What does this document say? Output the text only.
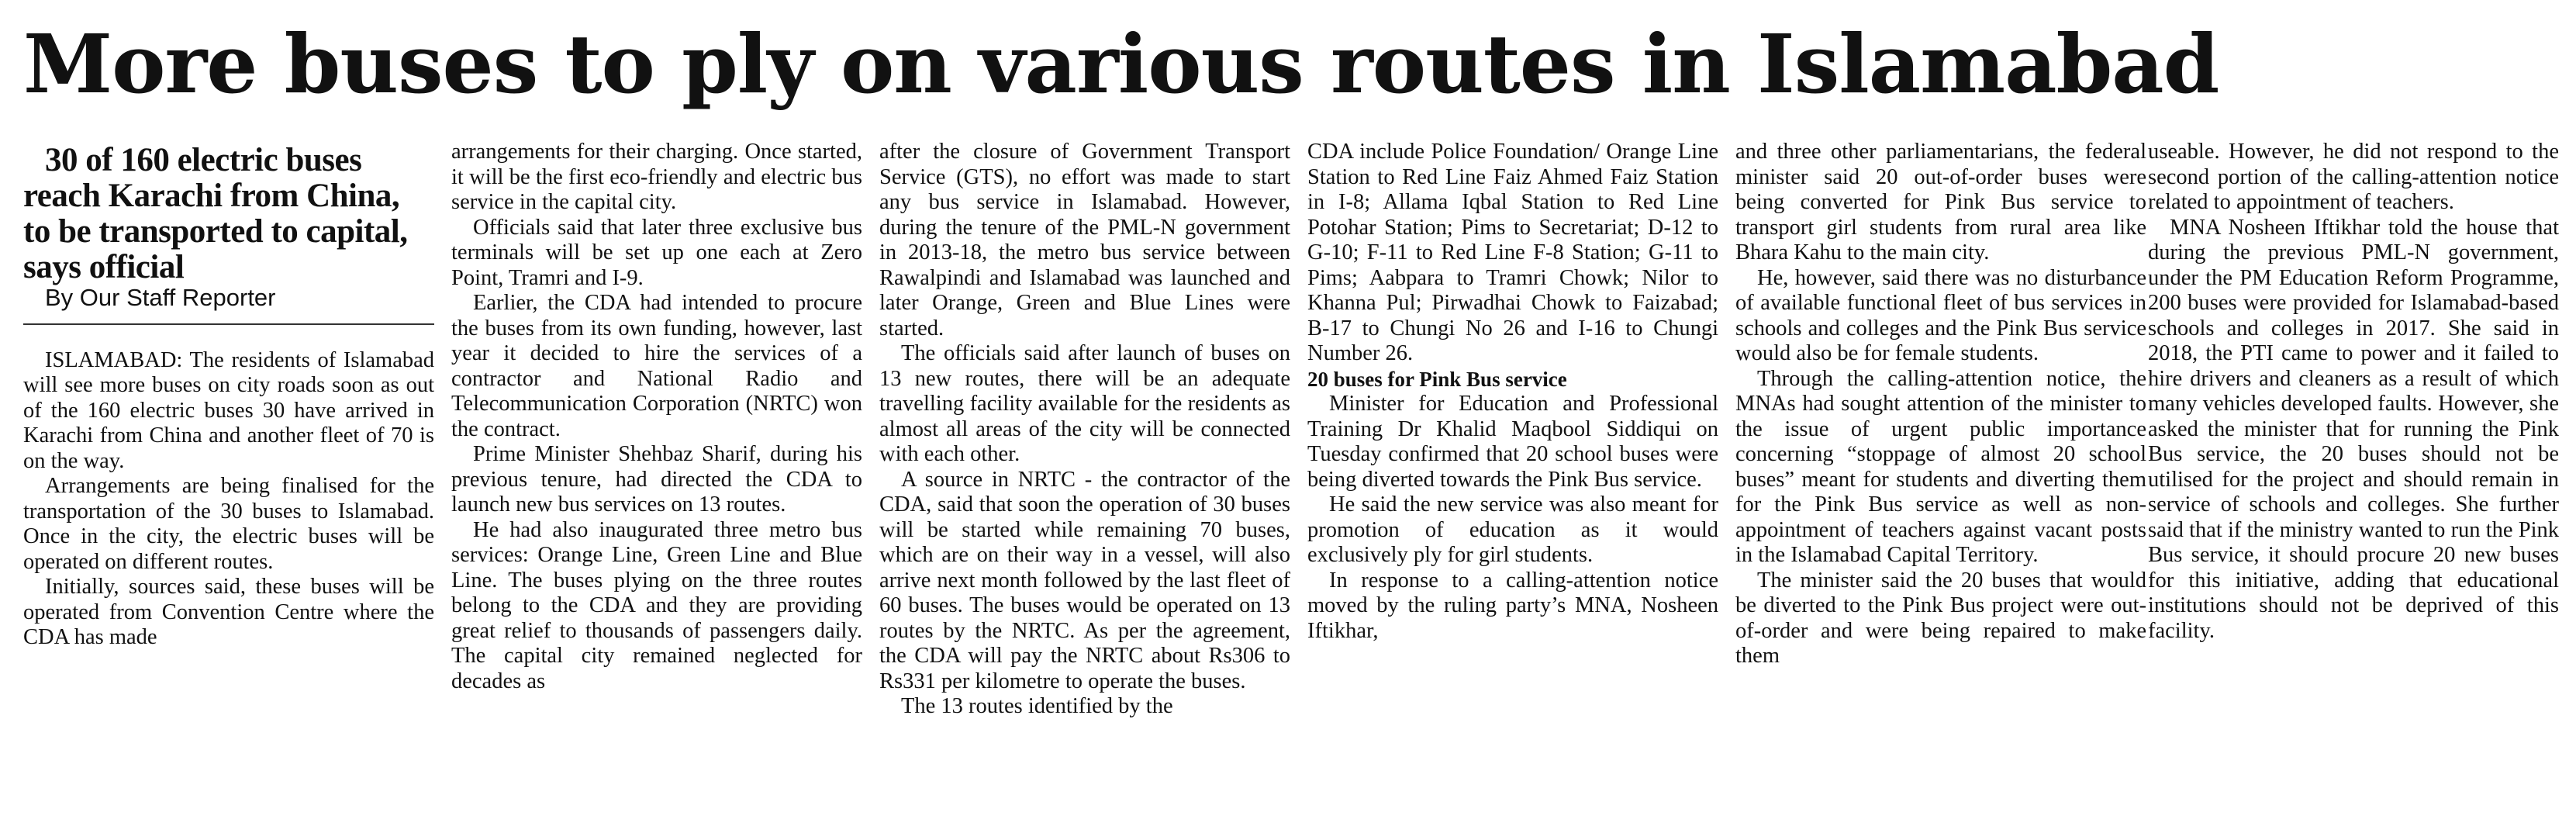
More buses to ply on various routes in Islamabad

30 of 160 electric buses reach Karachi from China, to be transported to capital, says official

By Our Staff Reporter

ISLAMABAD: The residents of Islamabad will see more buses on city roads soon as out of the 160 electric buses 30 have arrived in Karachi from China and another fleet of 70 is on the way.

Arrangements are being finalised for the transportation of the 30 buses to Islamabad. Once in the city, the electric buses will be operated on different routes.

Initially, sources said, these buses will be operated from Convention Centre where the CDA has made

arrangements for their charging. Once started, it will be the first eco-friendly and electric bus service in the capital city.

Officials said that later three exclusive bus terminals will be set up one each at Zero Point, Tramri and I-9.

Earlier, the CDA had intended to procure the buses from its own funding, however, last year it decided to hire the services of a contractor and National Radio and Telecommunication Corporation (NRTC) won the contract.

Prime Minister Shehbaz Sharif, during his previous tenure, had directed the CDA to launch new bus services on 13 routes.

He had also inaugurated three metro bus services: Orange Line, Green Line and Blue Line. The buses plying on the three routes belong to the CDA and they are providing great relief to thousands of passengers daily. The capital city remained neglected for decades as

after the closure of Government Transport Service (GTS), no effort was made to start any bus service in Islamabad. However, during the tenure of the PML-N government in 2013-18, the metro bus service between Rawalpindi and Islamabad was launched and later Orange, Green and Blue Lines were started.

The officials said after launch of buses on 13 new routes, there will be an adequate travelling facility available for the residents as almost all areas of the city will be connected with each other.

A source in NRTC - the contractor of the CDA, said that soon the operation of 30 buses will be started while remaining 70 buses, which are on their way in a vessel, will also arrive next month followed by the last fleet of 60 buses. The buses would be operated on 13 routes by the NRTC. As per the agreement, the CDA will pay the NRTC about Rs306 to Rs331 per kilometre to operate the buses.

The 13 routes identified by the

CDA include Police Foundation/ Orange Line Station to Red Line Faiz Ahmed Faiz Station in I-8; Allama Iqbal Station to Red Line Potohar Station; Pims to Secretariat; D-12 to G-10; F-11 to Red Line F-8 Station; G-11 to Pims; Aabpara to Tramri Chowk; Nilor to Khanna Pul; Pirwadhai Chowk to Faizabad; B-17 to Chungi No 26 and I-16 to Chungi Number 26.

20 buses for Pink Bus service

Minister for Education and Professional Training Dr Khalid Maqbool Siddiqui on Tuesday confirmed that 20 school buses were being diverted towards the Pink Bus service.

He said the new service was also meant for promotion of education as it would exclusively ply for girl students.

In response to a calling-attention notice moved by the ruling party’s MNA, Nosheen Iftikhar,

and three other parliamentarians, the federal minister said 20 out-of-order buses were being converted for Pink Bus service to transport girl students from rural area like Bhara Kahu to the main city.

He, however, said there was no disturbance of available functional fleet of bus services in schools and colleges and the Pink Bus service would also be for female students.

Through the calling-attention notice, the MNAs had sought attention of the minister to the issue of urgent public importance concerning “stoppage of almost 20 school buses” meant for students and diverting them for the Pink Bus service as well as non-appointment of teachers against vacant posts in the Islamabad Capital Territory.

The minister said the 20 buses that would be diverted to the Pink Bus project were out-of-order and were being repaired to make them

useable. However, he did not respond to the second portion of the calling-attention notice related to appointment of teachers.

MNA Nosheen Iftikhar told the house that during the previous PML-N government, under the PM Education Reform Programme, 200 buses were provided for Islamabad-based schools and colleges in 2017. She said in 2018, the PTI came to power and it failed to hire drivers and cleaners as a result of which many vehicles developed faults. However, she asked the minister that for running the Pink Bus service, the 20 buses should not be utilised for the project and should remain in service of schools and colleges. She further said that if the ministry wanted to run the Pink Bus service, it should procure 20 new buses for this initiative, adding that educational institutions should not be deprived of this facility.
